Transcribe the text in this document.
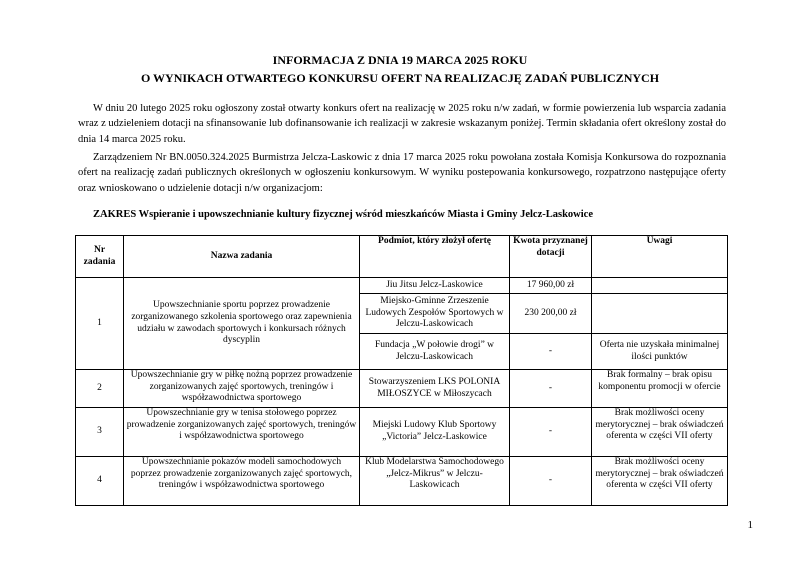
INFORMACJA Z DNIA 19 MARCA 2025 ROKU
O WYNIKACH OTWARTEGO KONKURSU OFERT NA REALIZACJĘ ZADAŃ PUBLICZNYCH

W dniu 20 lutego 2025 roku ogłoszony został otwarty konkurs ofert na realizację w 2025 roku n/w zadań, w formie powierzenia lub wsparcia zadania wraz z udzieleniem dotacji na sfinansowanie lub dofinansowanie ich realizacji w zakresie wskazanym poniżej. Termin składania ofert określony został do dnia 14 marca 2025 roku.

Zarządzeniem Nr BN.0050.324.2025 Burmistrza Jelcza-Laskowic z dnia 17 marca 2025 roku powołana została Komisja Konkursowa do rozpoznania ofert na realizację zadań publicznych określonych w ogłoszeniu konkursowym. W wyniku postepowania konkursowego, rozpatrzono następujące oferty oraz wnioskowano o udzielenie dotacji n/w organizacjom:

ZAKRES Wspieranie i upowszechnianie kultury fizycznej wśród mieszkańców Miasta i Gminy Jelcz-Laskowice
Nr zadania	Nazwa zadania	Podmiot, który złożył ofertę	Kwota przyznanej dotacji	Uwagi
1	Upowszechnianie sportu poprzez prowadzenie zorganizowanego szkolenia sportowego oraz zapewnienia udziału w zawodach sportowych i konkursach różnych dyscyplin	Jiu Jitsu Jelcz-Laskowice	17 960,00 zł	
		Miejsko-Gminne Zrzeszenie Ludowych Zespołów Sportowych w Jelczu-Laskowicach	230 200,00 zł	
		Fundacja „W połowie drogi” w Jelczu-Laskowicach	-	Oferta nie uzyskała minimalnej ilości punktów
2	Upowszechnianie gry w piłkę nożną poprzez prowadzenie zorganizowanych zajęć sportowych, treningów i współzawodnictwa sportowego	Stowarzyszeniem LKS POLONIA MIŁOSZYCE w Miłoszycach	-	Brak formalny – brak opisu komponentu promocji w ofercie
3	Upowszechnianie gry w tenisa stołowego poprzez prowadzenie zorganizowanych zajęć sportowych, treningów i współzawodnictwa sportowego	Miejski Ludowy Klub Sportowy „Victoria” Jelcz-Laskowice	-	Brak możliwości oceny merytorycznej – brak oświadczeń oferenta w części VII oferty
4	Upowszechnianie pokazów modeli samochodowych poprzez prowadzenie zorganizowanych zajęć sportowych, treningów i współzawodnictwa sportowego	Klub Modelarstwa Samochodowego „Jelcz-Mikrus” w Jelczu-Laskowicach	-	Brak możliwości oceny merytorycznej – brak oświadczeń oferenta w części VII oferty
1
